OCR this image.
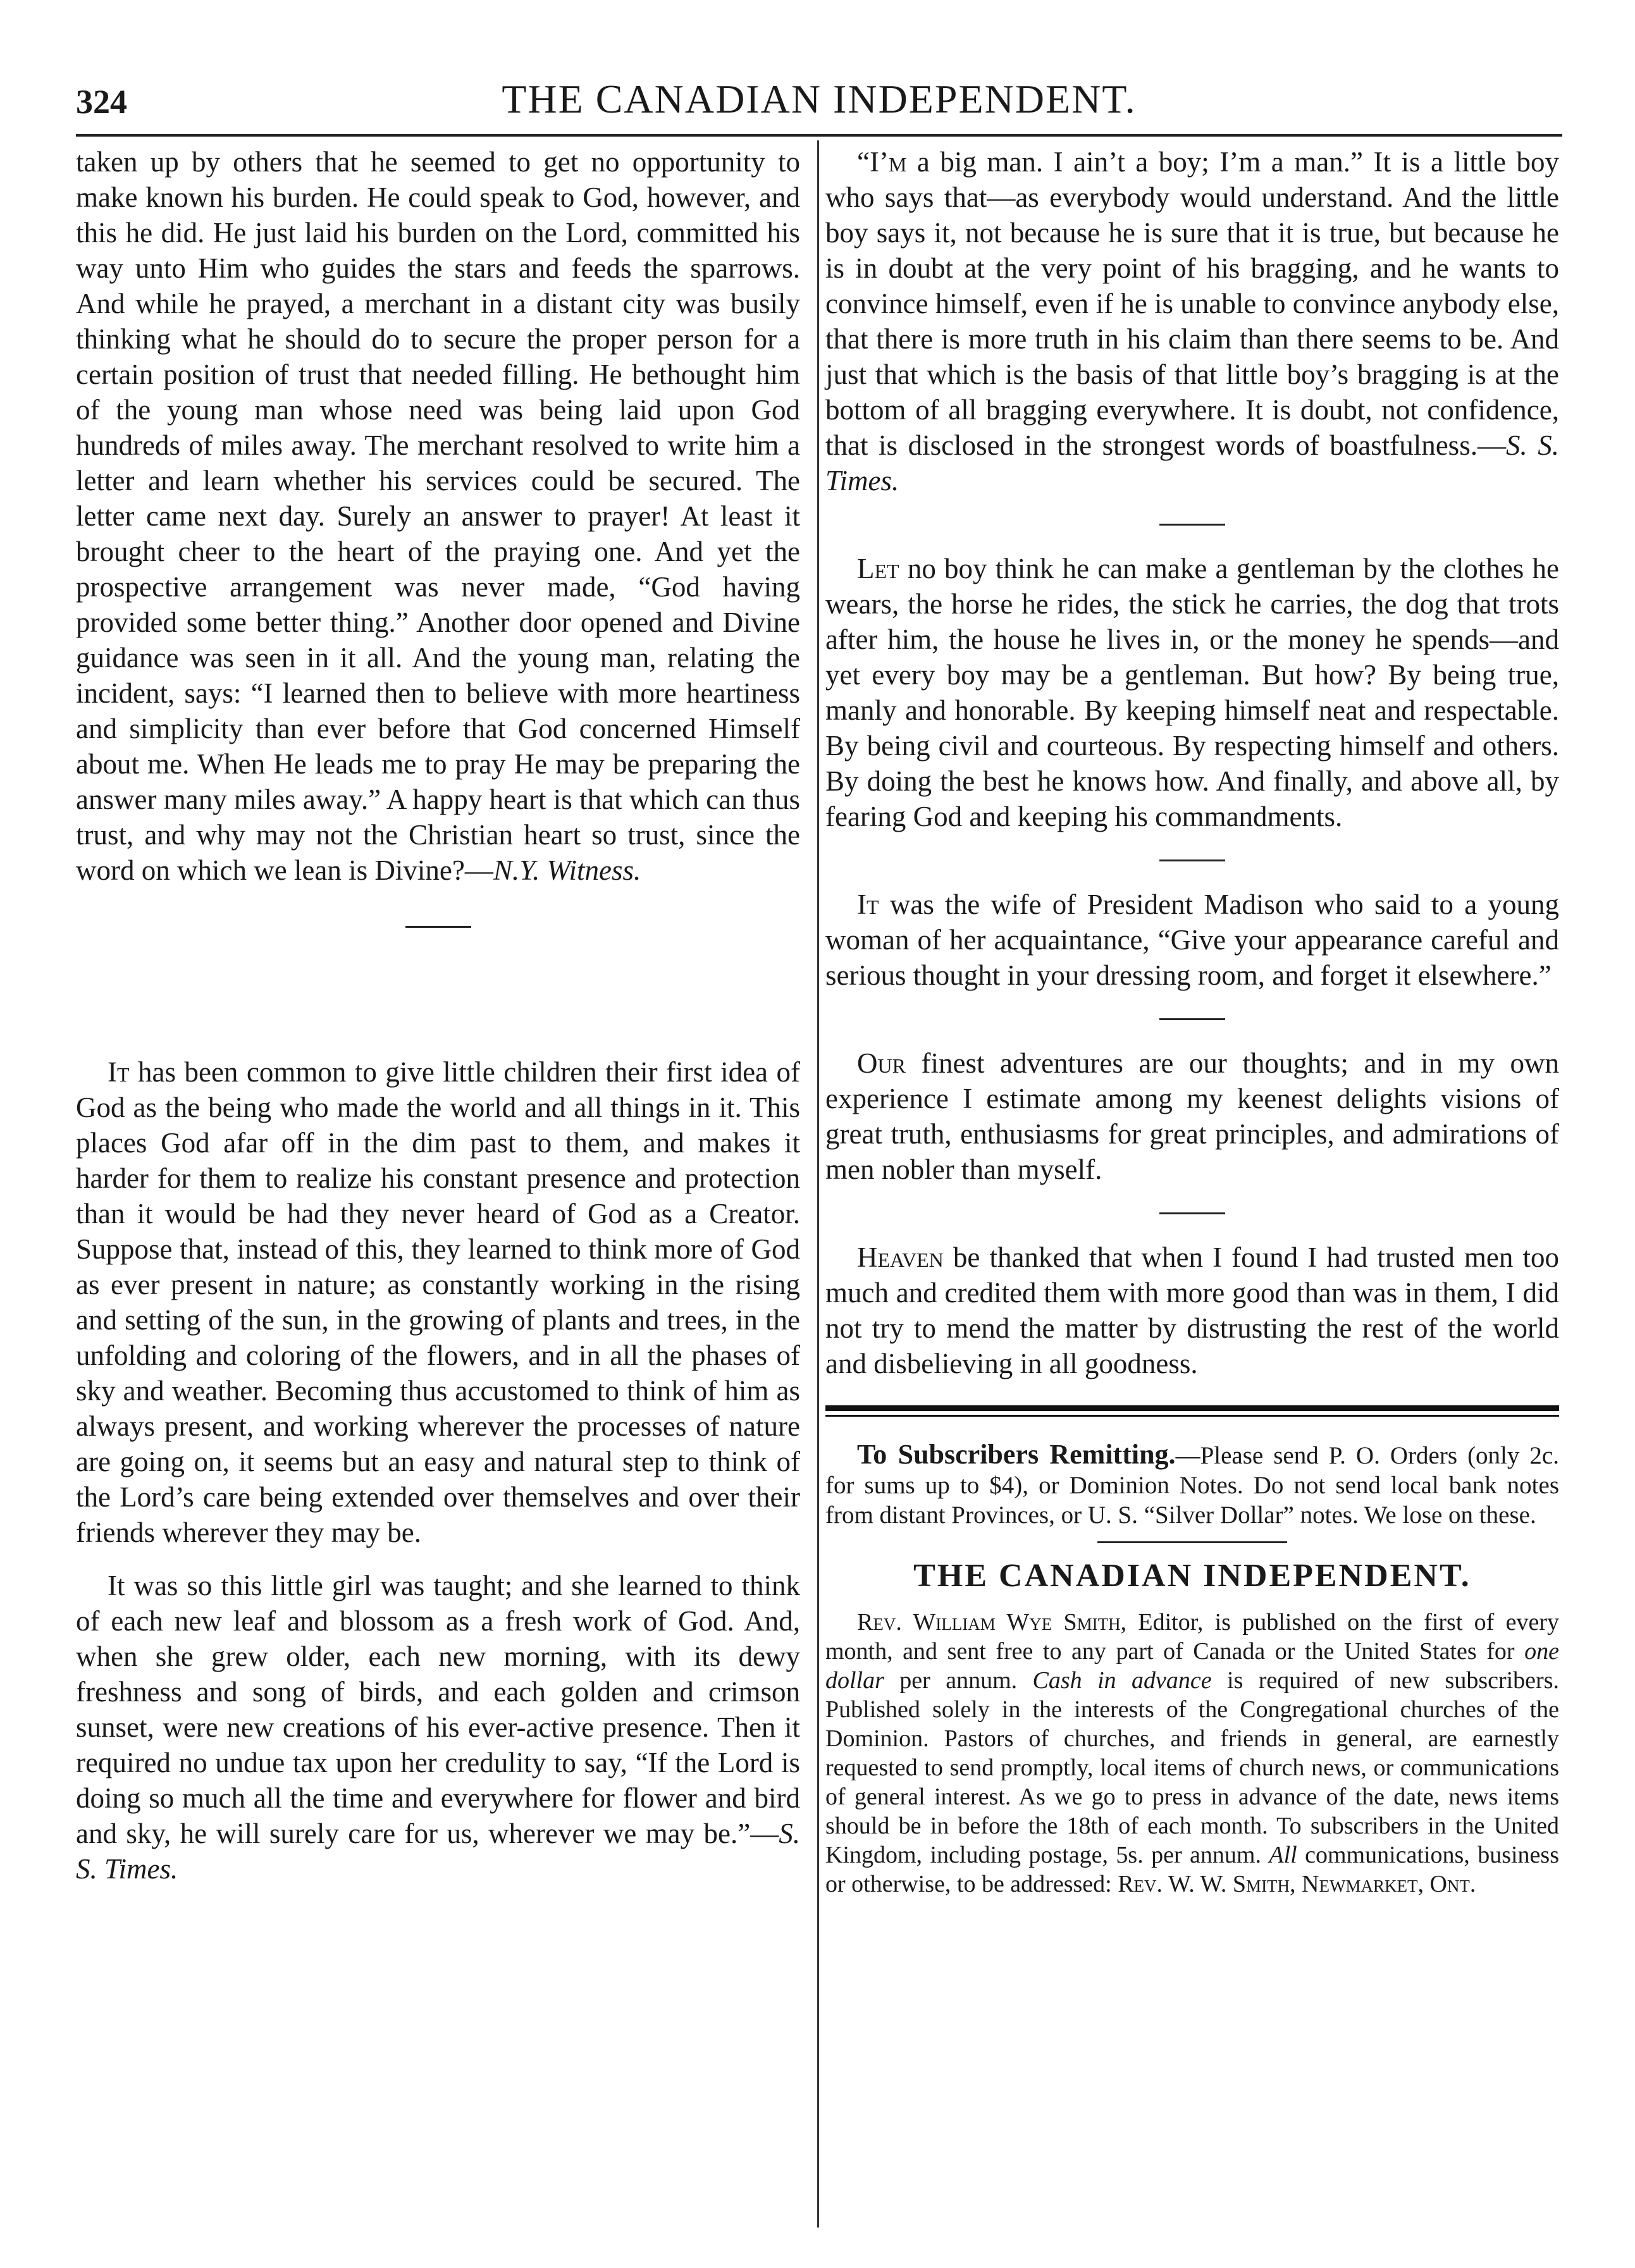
324	THE CANADIAN INDEPENDENT.

taken up by others that he seemed to get no opportunity to make known his burden. He could speak to God, however, and this he did. He just laid his burden on the Lord, committed his way unto Him who guides the stars and feeds the sparrows. And while he prayed, a merchant in a distant city was busily thinking what he should do to secure the proper person for a certain position of trust that needed filling. He bethought him of the young man whose need was being laid upon God hundreds of miles away. The merchant resolved to write him a letter and learn whether his services could be secured. The letter came next day. Surely an answer to prayer! At least it brought cheer to the heart of the praying one. And yet the prospective arrangement was never made, “God having provided some better thing.” Another door opened and Divine guidance was seen in it all. And the young man, relating the incident, says: “I learned then to believe with more heartiness and simplicity than ever before that God concerned Himself about me. When He leads me to pray He may be preparing the answer many miles away.” A happy heart is that which can thus trust, and why may not the Christian heart so trust, since the word on which we lean is Divine?—N.Y. Witness.

It has been common to give little children their first idea of God as the being who made the world and all things in it. This places God afar off in the dim past to them, and makes it harder for them to realize his constant presence and protection than it would be had they never heard of God as a Creator. Suppose that, instead of this, they learned to think more of God as ever present in nature; as constantly working in the rising and setting of the sun, in the growing of plants and trees, in the unfolding and coloring of the flowers, and in all the phases of sky and weather. Becoming thus accustomed to think of him as always present, and working wherever the processes of nature are going on, it seems but an easy and natural step to think of the Lord’s care being extended over themselves and over their friends wherever they may be.

It was so this little girl was taught; and she learned to think of each new leaf and blossom as a fresh work of God. And, when she grew older, each new morning, with its dewy freshness and song of birds, and each golden and crimson sunset, were new creations of his ever-active presence. Then it required no undue tax upon her credulity to say, “If the Lord is doing so much all the time and everywhere for flower and bird and sky, he will surely care for us, wherever we may be.”—S. S. Times.

“I’m a big man. I ain’t a boy; I’m a man.” It is a little boy who says that—as everybody would understand. And the little boy says it, not because he is sure that it is true, but because he is in doubt at the very point of his bragging, and he wants to convince himself, even if he is unable to convince anybody else, that there is more truth in his claim than there seems to be. And just that which is the basis of that little boy’s bragging is at the bottom of all bragging everywhere. It is doubt, not confidence, that is disclosed in the strongest words of boastfulness.—S. S. Times.

Let no boy think he can make a gentleman by the clothes he wears, the horse he rides, the stick he carries, the dog that trots after him, the house he lives in, or the money he spends—and yet every boy may be a gentleman. But how? By being true, manly and honorable. By keeping himself neat and respectable. By being civil and courteous. By respecting himself and others. By doing the best he knows how. And finally, and above all, by fearing God and keeping his commandments.

It was the wife of President Madison who said to a young woman of her acquaintance, “Give your appearance careful and serious thought in your dressing room, and forget it elsewhere.”

Our finest adventures are our thoughts; and in my own experience I estimate among my keenest delights visions of great truth, enthusiasms for great principles, and admirations of men nobler than myself.

Heaven be thanked that when I found I had trusted men too much and credited them with more good than was in them, I did not try to mend the matter by distrusting the rest of the world and disbelieving in all goodness.

To Subscribers Remitting.—Please send P. O. Orders (only 2c. for sums up to $4), or Dominion Notes. Do not send local bank notes from distant Provinces, or U. S. “Silver Dollar” notes. We lose on these.

THE CANADIAN INDEPENDENT.

Rev. William Wye Smith, Editor, is published on the first of every month, and sent free to any part of Canada or the United States for one dollar per annum. Cash in advance is required of new subscribers. Published solely in the interests of the Congregational churches of the Dominion. Pastors of churches, and friends in general, are earnestly requested to send promptly, local items of church news, or communications of general interest. As we go to press in advance of the date, news items should be in before the 18th of each month. To subscribers in the United Kingdom, including postage, 5s. per annum. All communications, business or otherwise, to be addressed: Rev. W. W. Smith, Newmarket, Ont.
